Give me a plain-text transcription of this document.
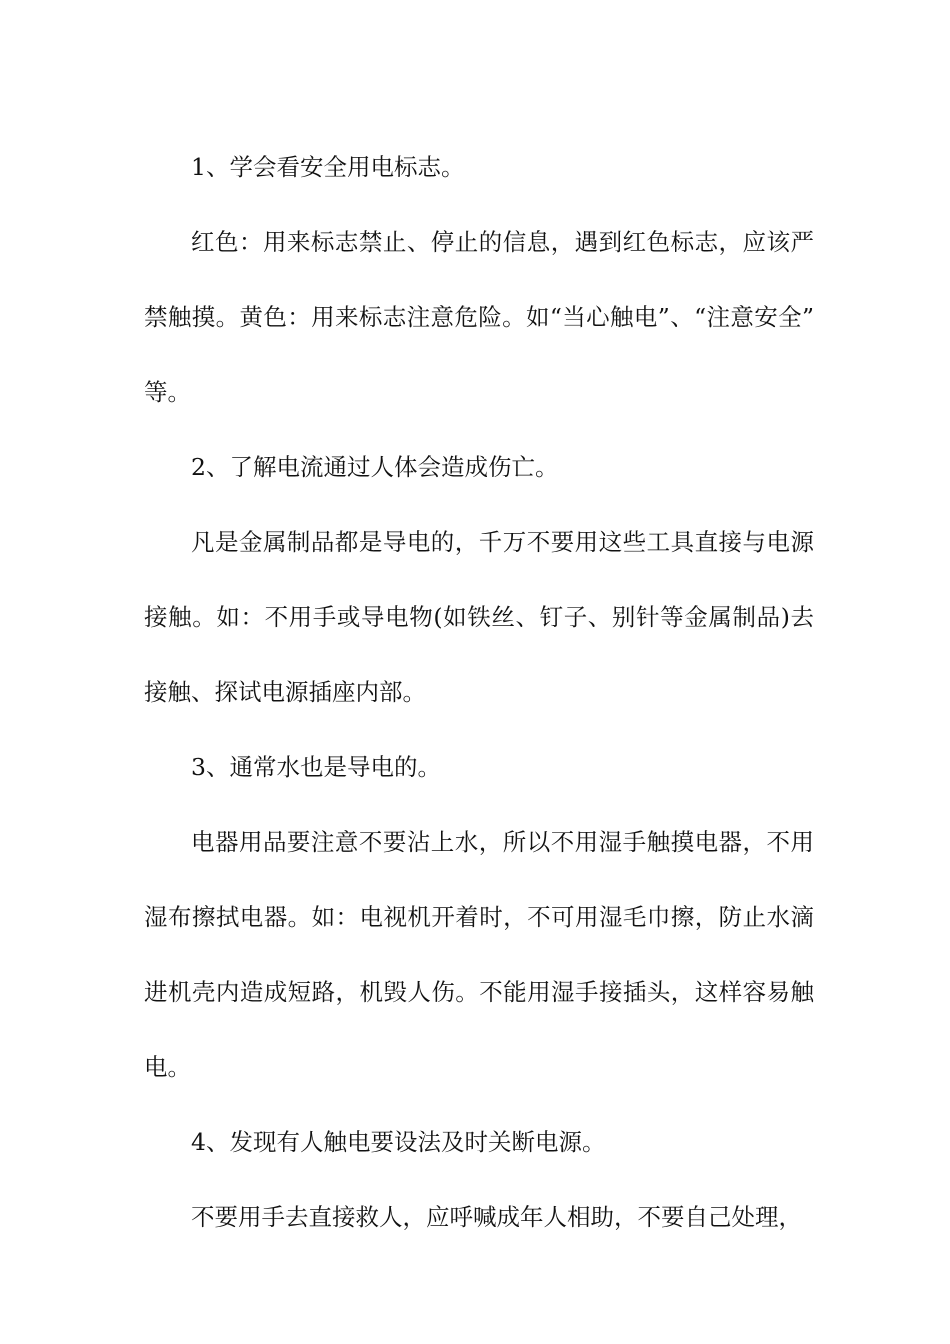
1、学会看安全用电标志。

红色：用来标志禁止、停止的信息，遇到红色标志，应该严禁触摸。黄色：用来标志注意危险。如“当心触电”、“注意安全”等。

2、了解电流通过人体会造成伤亡。

凡是金属制品都是导电的，千万不要用这些工具直接与电源接触。如：不用手或导电物(如铁丝、钉子、别针等金属制品)去接触、探试电源插座内部。

3、通常水也是导电的。

电器用品要注意不要沾上水，所以不用湿手触摸电器，不用湿布擦拭电器。如：电视机开着时，不可用湿毛巾擦，防止水滴进机壳内造成短路，机毁人伤。不能用湿手接插头，这样容易触电。

4、发现有人触电要设法及时关断电源。

不要用手去直接救人，应呼喊成年人相助，不要自己处理，
